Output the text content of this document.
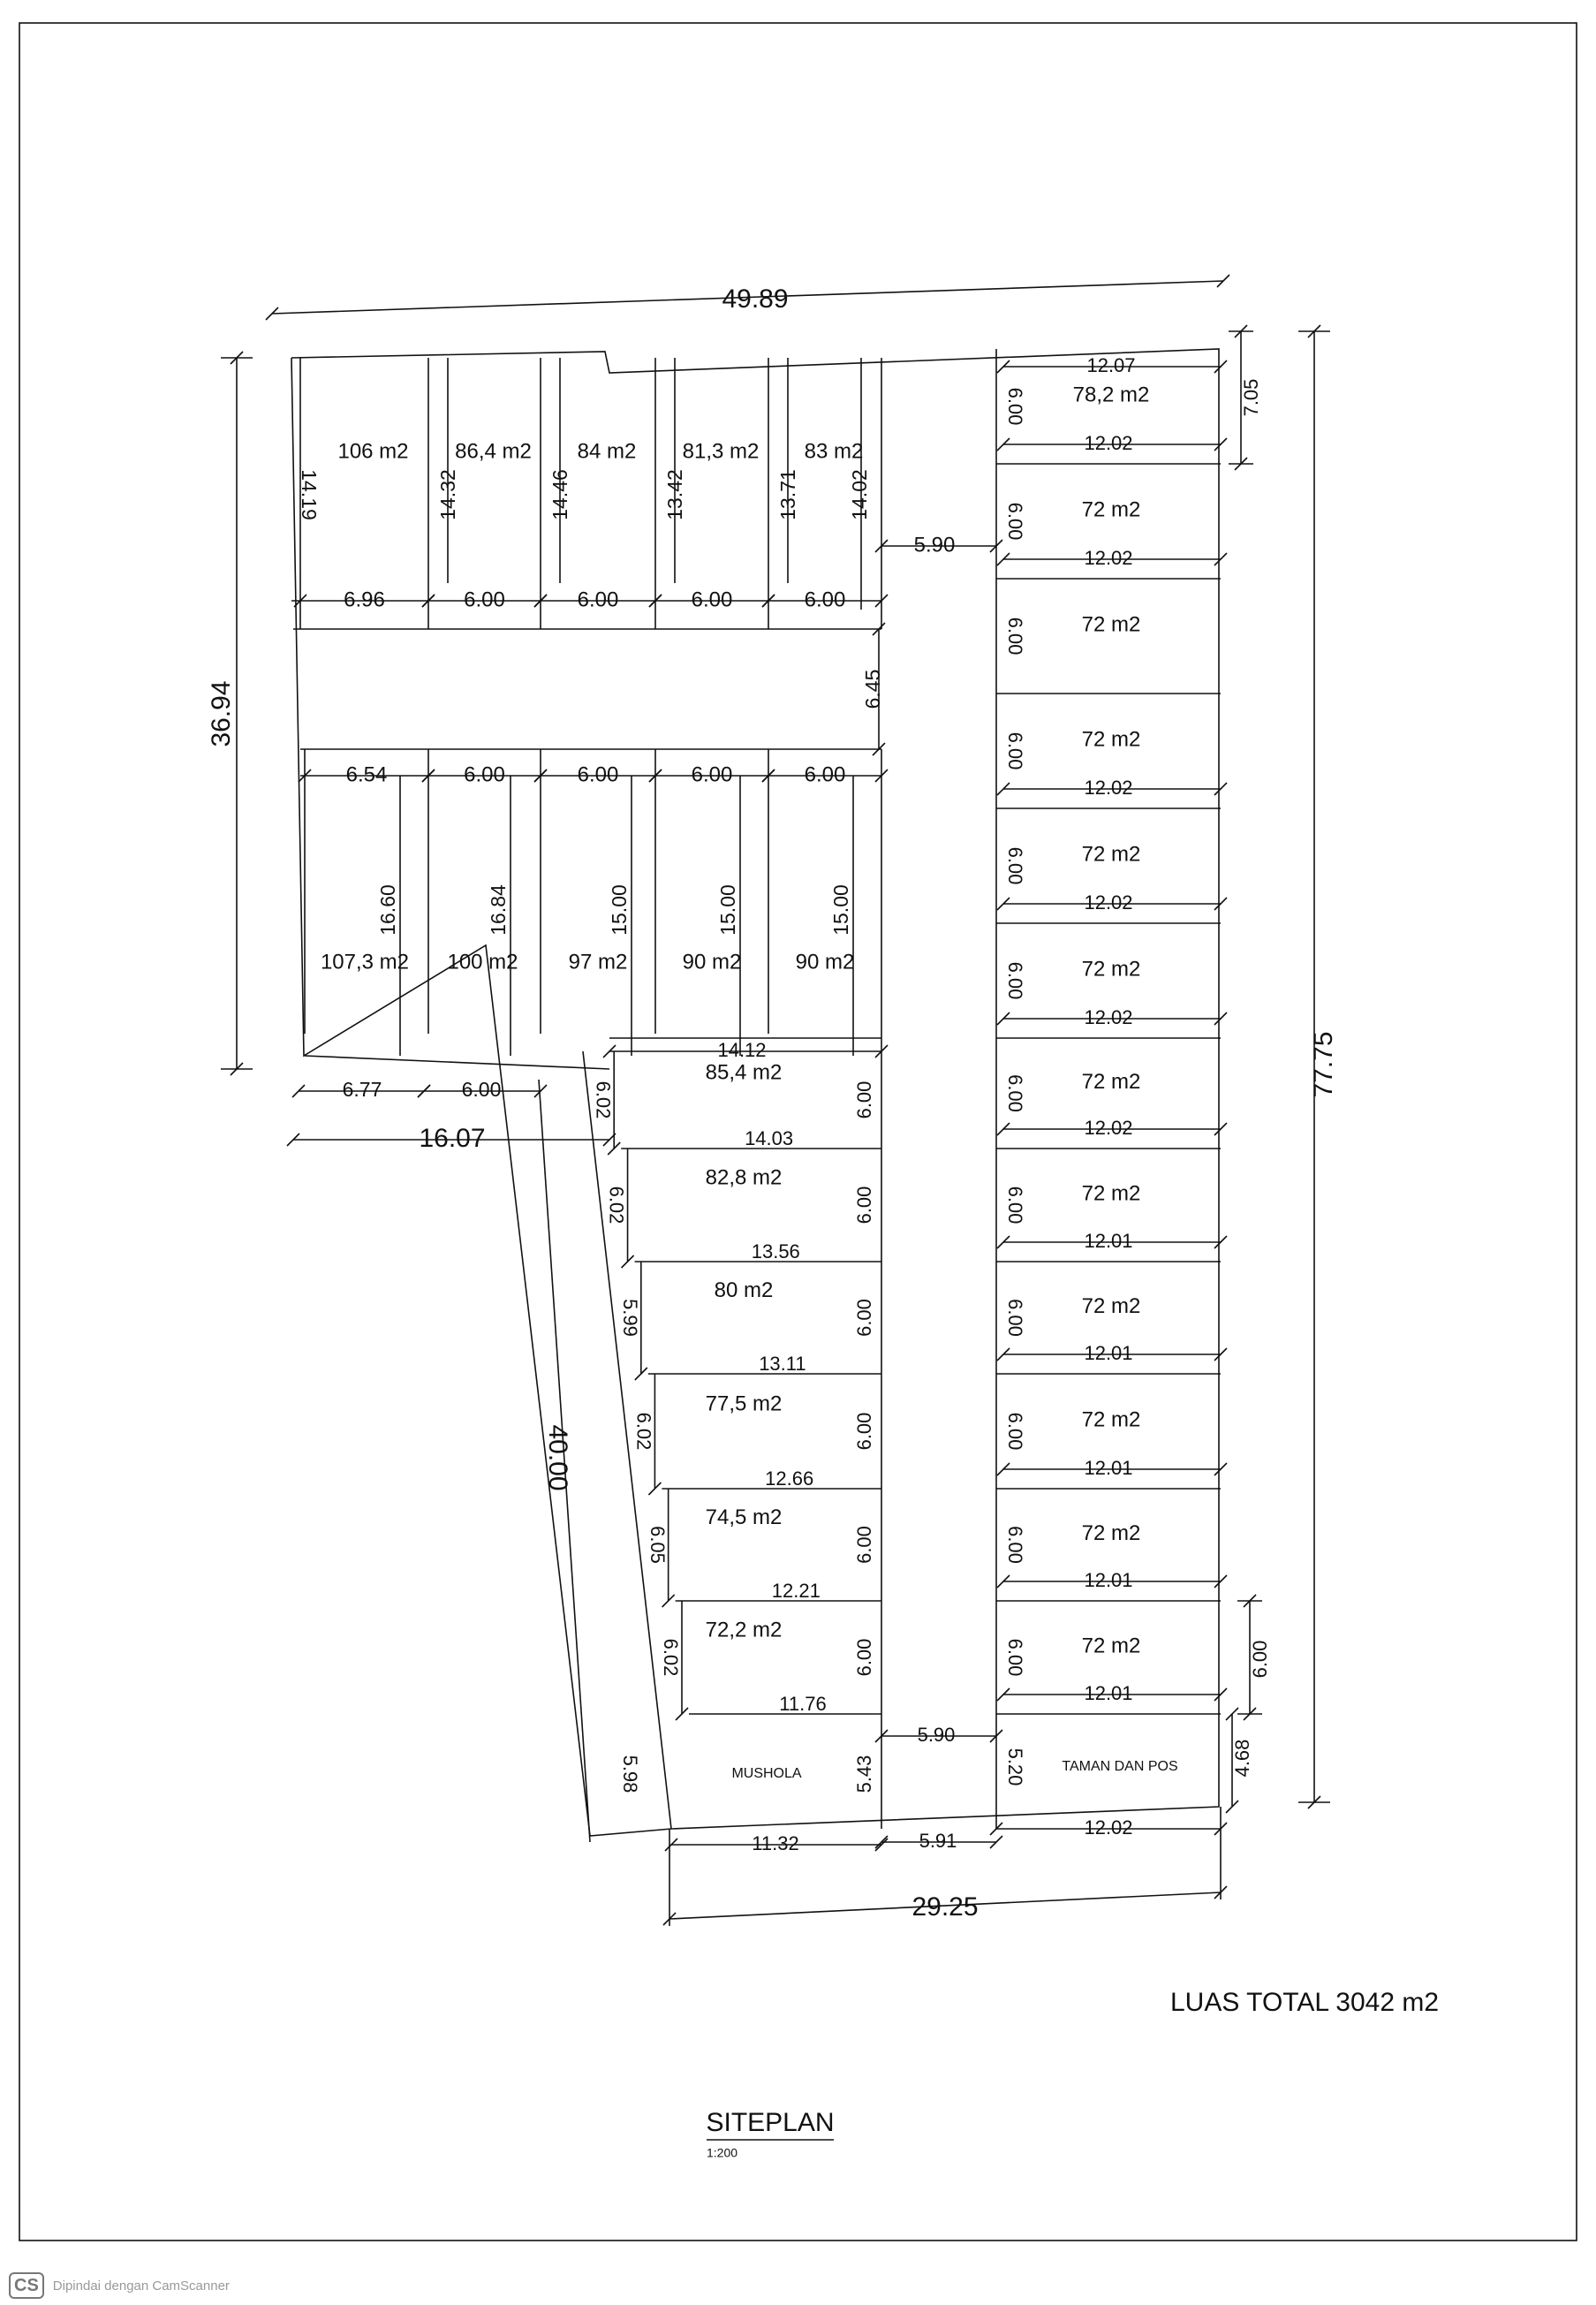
49.89
36.94
77.75
29.25
40.00
16.07
6.96
106 m2
14.19
6.00
86,4 m2
14.32
6.00
84 m2
14.46
6.00
81,3 m2
13.42
6.00
83 m2
13.71 14.02
6.45
5.90
6.54
107,3 m2
6.00
100 m2
6.00
97 m2
6.00
90 m2
6.00
90 m2
16.60	16.84	15.00	15.00	15.00
6.77	6.00
14.12
85,4 m2
14.03
6.00
6.02
82,8 m2
13.56
6.00
6.02
80 m2
13.11
6.00
5.99
77,5 m2
12.66
6.00
6.02
74,5 m2
12.21
6.00
6.05
72,2 m2
11.76
6.00
6.02
MUSHOLA	5.43
5.98
11.32
5.90
5.91
78,2 m2
6.00
12.02
12.07
72 m2
6.00
12.02
72 m2
6.00
72 m2
6.00
12.02
72 m2
6.00
12.02
72 m2
6.00
12.02
72 m2
6.00
12.02
72 m2
6.00
12.01
72 m2
6.00
12.01
72 m2
6.00
12.01
72 m2
6.00
12.01
72 m2
6.00
12.01
7.05
6.00
TAMAN DAN POS
5.20	4.68
12.02
LUAS TOTAL 3042 m2
SITEPLAN
1:200
CS	Dipindai dengan CamScanner
